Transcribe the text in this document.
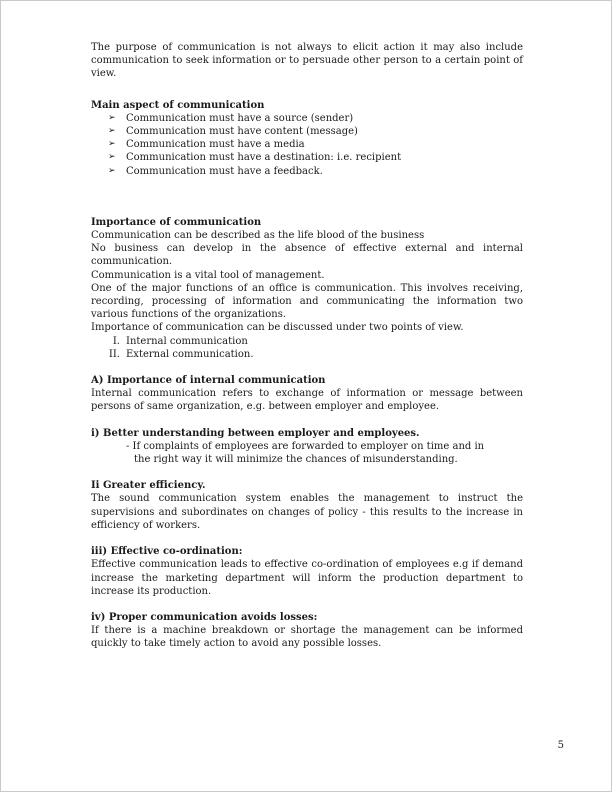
The purpose of communication is not always to elicit action it may also include communication to seek information or to persuade other person to a certain point of view.

Main aspect of communication
➢ Communication must have a source (sender)
➢ Communication must have content (message)
➢ Communication must have a media
➢ Communication must have a destination: i.e. recipient
➢ Communication must have a feedback.
Importance of communication

Communication can be described as the life blood of the business

No business can develop in the absence of effective external and internal communication.

Communication is a vital tool of management.

One of the major functions of an office is communication. This involves receiving, recording, processing of information and communicating the information two various functions of the organizations.

Importance of communication can be discussed under two points of view.

I. Internal communication
II. External communication.
A) Importance of internal communication

Internal communication refers to exchange of information or message between persons of same organization, e.g. between employer and employee.

i) Better understanding between employer and employees.

- If complaints of employees are forwarded to employer on time and in

the right way it will minimize the chances of misunderstanding.

Ii Greater efficiency.

The sound communication system enables the management to instruct the supervisions and subordinates on changes of policy - this results to the increase in efficiency of workers.

iii) Effective co-ordination:

Effective communication leads to effective co-ordination of employees e.g if demand increase the marketing department will inform the production department to increase its production.

iv) Proper communication avoids losses:

If there is a machine breakdown or shortage the management can be informed quickly to take timely action to avoid any possible losses.

5
